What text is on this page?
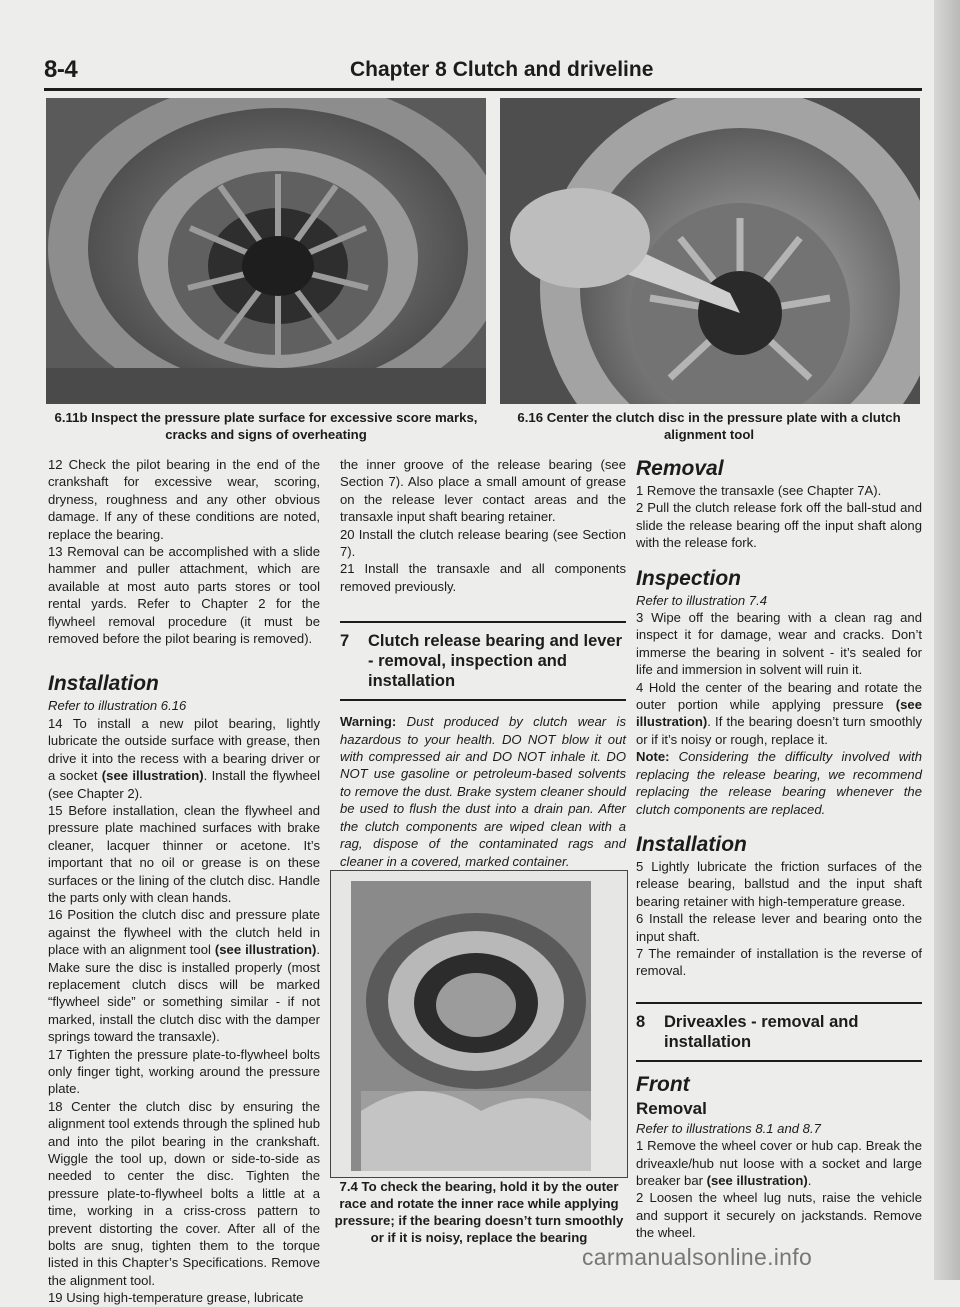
8-4	Chapter 8 Clutch and driveline
6.11b Inspect the pressure plate surface for excessive score marks, cracks and signs of overheating
6.16 Center the clutch disc in the pressure plate with a clutch alignment tool

12 Check the pilot bearing in the end of the crankshaft for excessive wear, scoring, dryness, roughness and any other obvious damage. If any of these conditions are noted, replace the bearing.

13 Removal can be accomplished with a slide hammer and puller attachment, which are available at most auto parts stores or tool rental yards. Refer to Chapter 2 for the flywheel removal procedure (it must be removed before the pilot bearing is removed).

Installation

Refer to illustration 6.16

14 To install a new pilot bearing, lightly lubricate the outside surface with grease, then drive it into the recess with a bearing driver or a socket (see illustration). Install the flywheel (see Chapter 2).

15 Before installation, clean the flywheel and pressure plate machined surfaces with brake cleaner, lacquer thinner or acetone. It’s important that no oil or grease is on these surfaces or the lining of the clutch disc. Handle the parts only with clean hands.

16 Position the clutch disc and pressure plate against the flywheel with the clutch held in place with an alignment tool (see illustration). Make sure the disc is installed properly (most replacement clutch discs will be marked “flywheel side” or something similar - if not marked, install the clutch disc with the damper springs toward the transaxle).

17 Tighten the pressure plate-to-flywheel bolts only finger tight, working around the pressure plate.

18 Center the clutch disc by ensuring the alignment tool extends through the splined hub and into the pilot bearing in the crankshaft. Wiggle the tool up, down or side-to-side as needed to center the disc. Tighten the pressure plate-to-flywheel bolts a little at a time, working in a criss-cross pattern to prevent distorting the cover. After all of the bolts are snug, tighten them to the torque listed in this Chapter’s Specifications. Remove the alignment tool.

19 Using high-temperature grease, lubricate

the inner groove of the release bearing (see Section 7). Also place a small amount of grease on the release lever contact areas and the transaxle input shaft bearing retainer.

20 Install the clutch release bearing (see Section 7).

21 Install the transaxle and all components removed previously.

7	Clutch release bearing and lever - removal, inspection and installation

Warning: Dust produced by clutch wear is hazardous to your health. DO NOT blow it out with compressed air and DO NOT inhale it. DO NOT use gasoline or petroleum-based solvents to remove the dust. Brake system cleaner should be used to flush the dust into a drain pan. After the clutch components are wiped clean with a rag, dispose of the contaminated rags and cleaner in a covered, marked container.

7.4 To check the bearing, hold it by the outer race and rotate the inner race while applying pressure; if the bearing doesn’t turn smoothly or if it is noisy, replace the bearing

Removal

1 Remove the transaxle (see Chapter 7A).

2 Pull the clutch release fork off the ball-stud and slide the release bearing off the input shaft along with the release fork.

Inspection

Refer to illustration 7.4

3 Wipe off the bearing with a clean rag and inspect it for damage, wear and cracks. Don’t immerse the bearing in solvent - it’s sealed for life and immersion in solvent will ruin it.

4 Hold the center of the bearing and rotate the outer portion while applying pressure (see illustration). If the bearing doesn’t turn smoothly or if it’s noisy or rough, replace it.

Note: Considering the difficulty involved with replacing the release bearing, we recommend replacing the release bearing whenever the clutch components are replaced.

Installation

5 Lightly lubricate the friction surfaces of the release bearing, ballstud and the input shaft bearing retainer with high-temperature grease.

6 Install the release lever and bearing onto the input shaft.

7 The remainder of installation is the reverse of removal.

8	Driveaxles - removal and installation

Front

Removal

Refer to illustrations 8.1 and 8.7

1 Remove the wheel cover or hub cap. Break the driveaxle/hub nut loose with a socket and large breaker bar (see illustration).

2 Loosen the wheel lug nuts, raise the vehicle and support it securely on jackstands. Remove the wheel.

carmanualsonline.info
